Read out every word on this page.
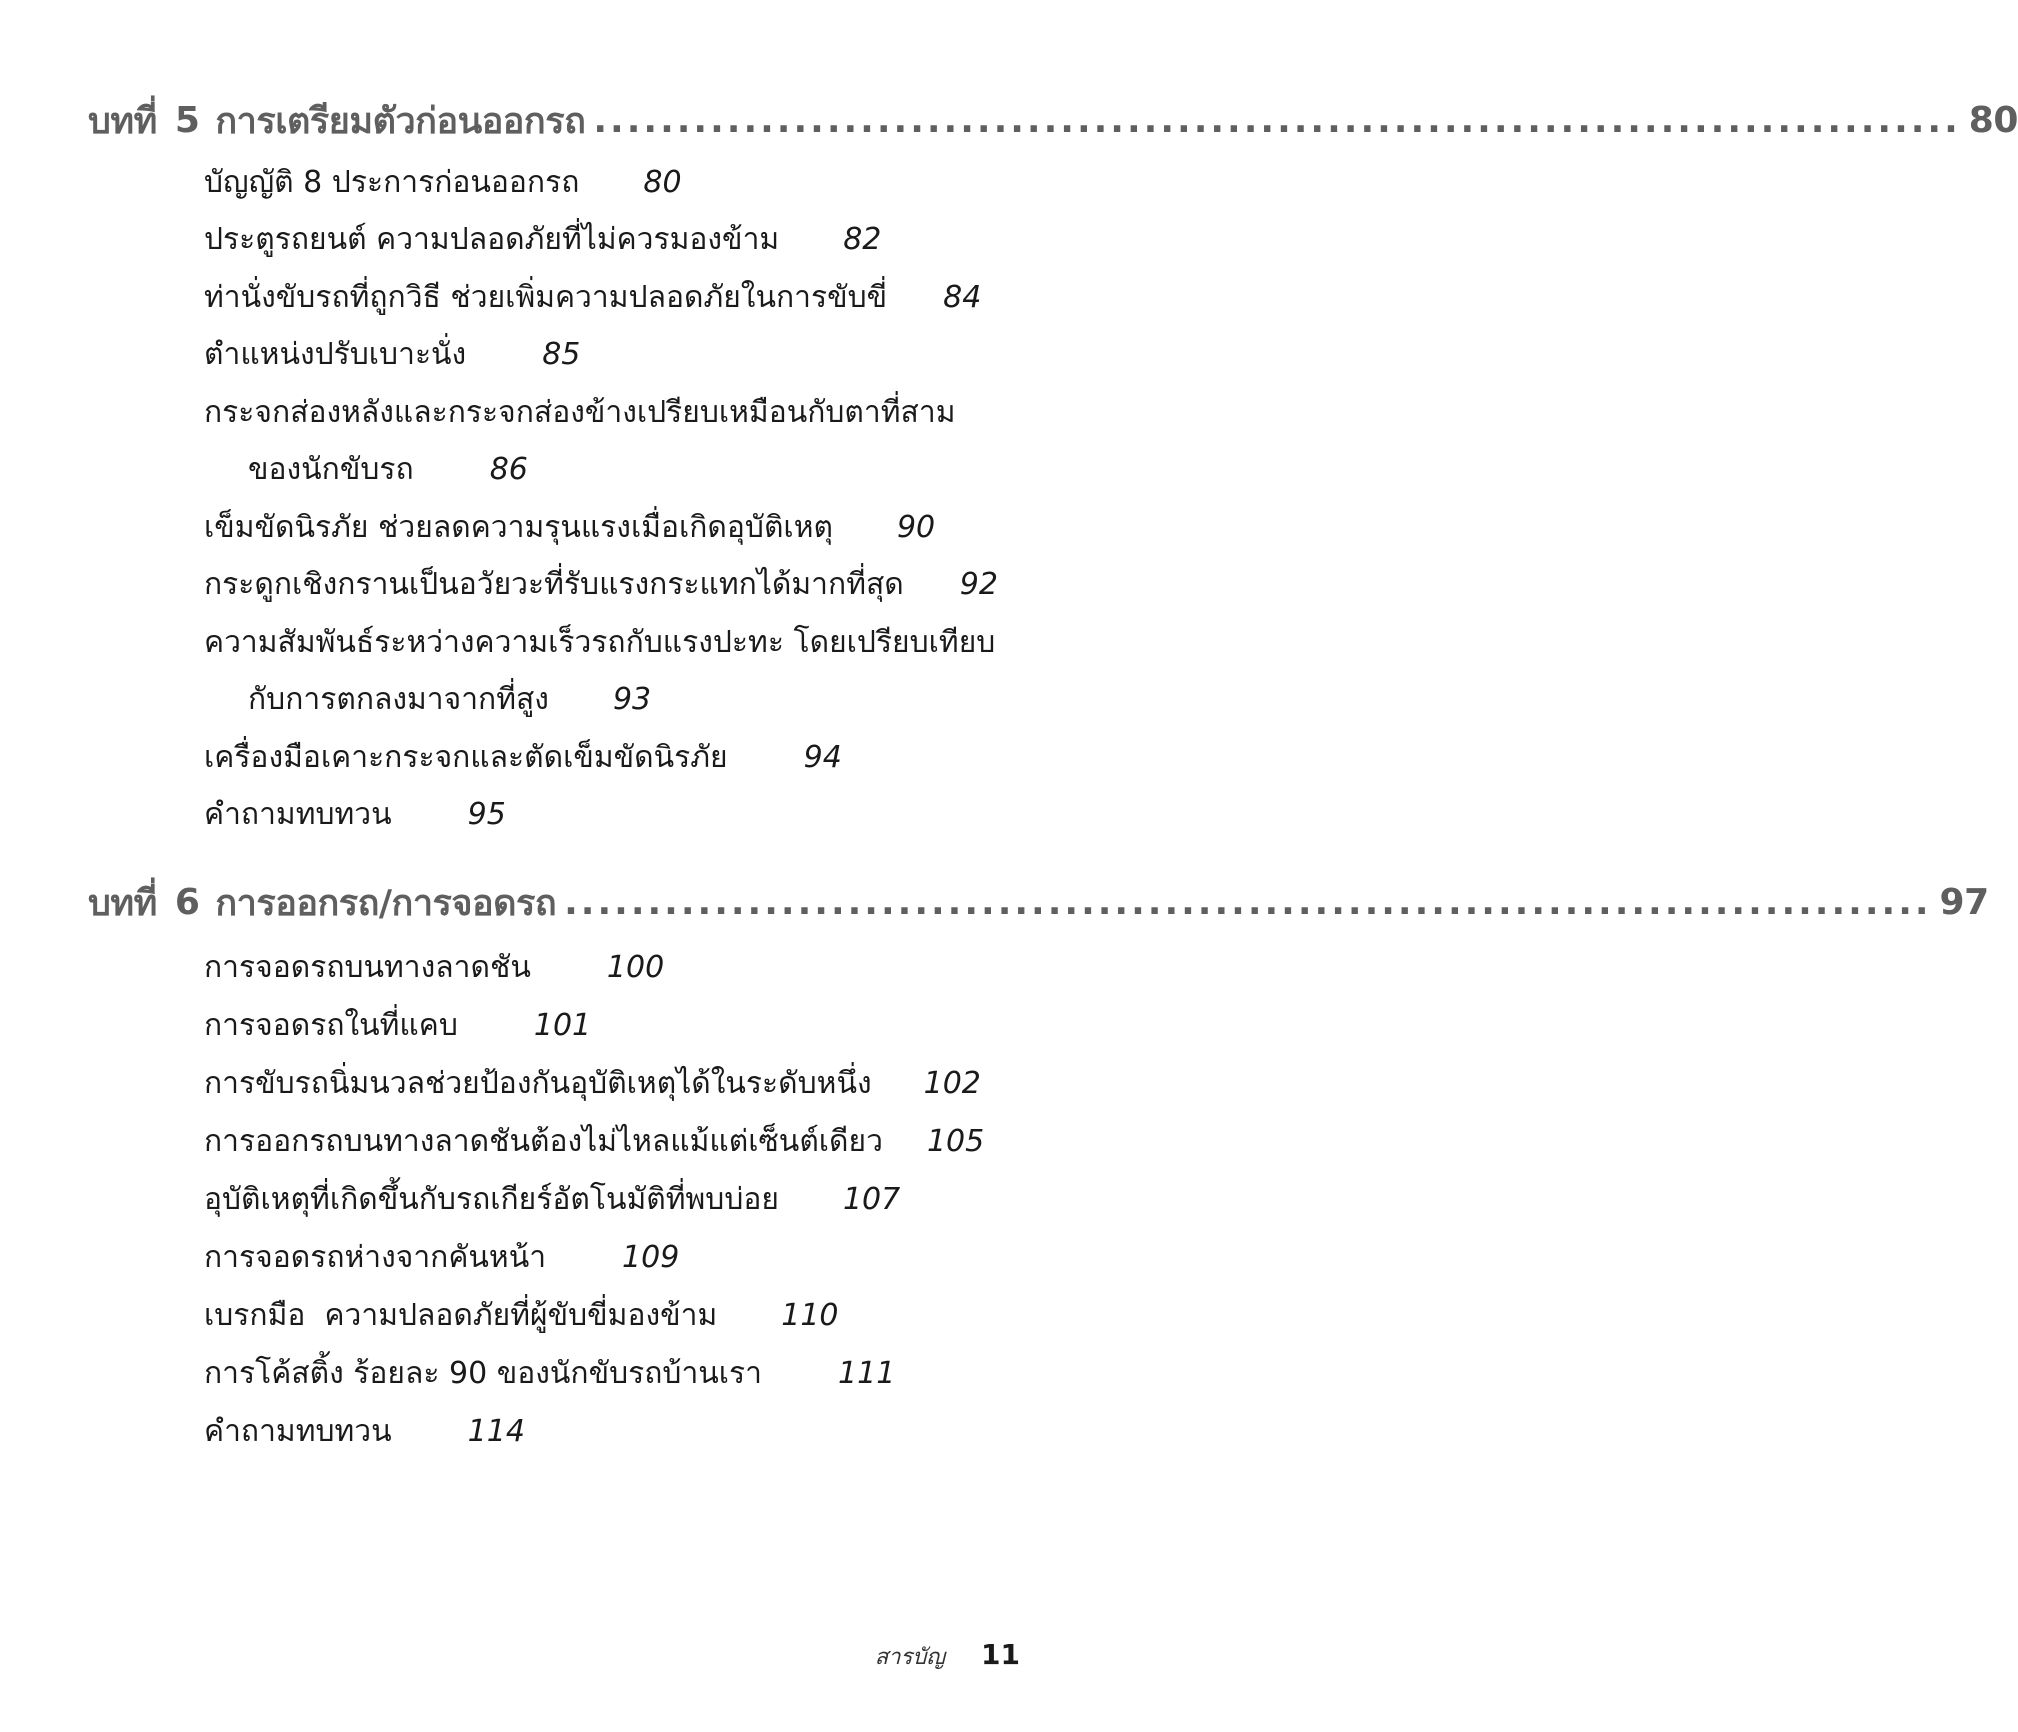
บทที่ 5 การเตรียมตัวก่อนออกรถ .................................................................................. 80
บัญญัติ 8 ประการก่อนออกรถ 80
ประตูรถยนต์ ความปลอดภัยที่ไม่ควรมองข้าม 82
ท่านั่งขับรถที่ถูกวิธี ช่วยเพิ่มความปลอดภัยในการขับขี่ 84
ตำแหน่งปรับเบาะนั่ง	85
กระจกส่องหลังและกระจกส่องข้างเปรียบเหมือนกับตาที่สาม
ของนักขับรถ	86
เข็มขัดนิรภัย ช่วยลดความรุนแรงเมื่อเกิดอุบัติเหตุ 90
กระดูกเชิงกรานเป็นอวัยวะที่รับแรงกระแทกได้มากที่สุด 92
ความสัมพันธ์ระหว่างความเร็วรถกับแรงปะทะ โดยเปรียบเทียบ
กับการตกลงมาจากที่สูง 93
เครื่องมือเคาะกระจกและตัดเข็มขัดนิรภัย	94
คำถามทบทวน	95
บทที่ 6 การออกรถ/การจอดรถ .................................................................................. 97
การจอดรถบนทางลาดชัน	100
การจอดรถในที่แคบ	101
การขับรถนิ่มนวลช่วยป้องกันอุบัติเหตุได้ในระดับหนึ่ง 102
การออกรถบนทางลาดชันต้องไม่ไหลแม้แต่เซ็นต์เดียว 105
อุบัติเหตุที่เกิดขึ้นกับรถเกียร์อัตโนมัติที่พบบ่อย 107
การจอดรถห่างจากคันหน้า	109
เบรกมือ  ความปลอดภัยที่ผู้ขับขี่มองข้าม 110
การโค้สติ้ง ร้อยละ 90 ของนักขับรถบ้านเรา	111
คำถามทบทวน	114
สารบัญ 11
